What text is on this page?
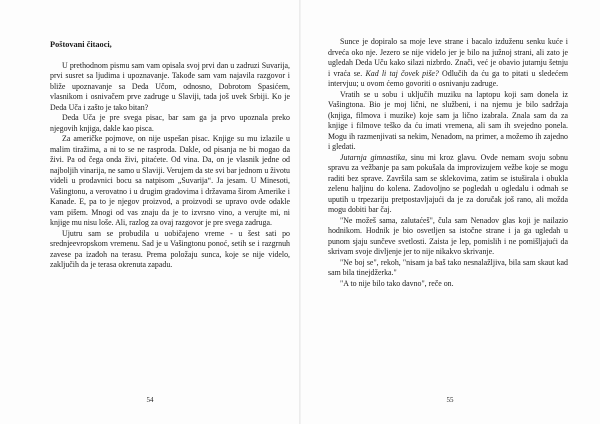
Poštovani čitaoci,

U prethodnom pismu sam vam opisala svoj prvi dan u zadruzi Suvarija, prvi susret sa ljudima i upoznavanje. Takođe sam vam najavila razgovor i bliže upoznavanje sa Deda Učom, odnosno, Dobrotom Spasićem, vlasnikom i osnivačem prve zadruge u Slaviji, tada još uvek Srbiji. Ko je Deda Uča i zašto je tako bitan?

Deda Uča je pre svega pisac, bar sam ga ja prvo upoznala preko njegovih knjiga, dakle kao pisca.

Za američke pojmove, on nije uspešan pisac. Knjige su mu izlazile u malim tiražima, a ni to se ne rasproda. Dakle, od pisanja ne bi mogao da živi. Pa od čega onda živi, pitaćete. Od vina. Da, on je vlasnik jedne od najboljih vinarija, ne samo u Slaviji. Verujem da ste svi bar jednom u životu videli u prodavnici bocu sa natpisom „Suvarija“. Ja jesam. U Minesoti, Vašingtonu, a verovatno i u drugim gradovima i državama širom Amerike i Kanade. E, pa to je njegov proizvod, a proizvodi se upravo ovde odakle vam pišem. Mnogi od vas znaju da je to izvrsno vino, a verujte mi, ni knjige mu nisu loše. Ali, razlog za ovaj razgovor je pre svega zadruga.

Ujutru sam se probudila u uobičajeno vreme - u šest sati po srednjeevropskom vremenu. Sad je u Vašingtonu ponoć, setih se i razgrnuh zavese pa izađoh na terasu. Prema položaju sunca, koje se nije videlo, zaključih da je terasa okrenuta zapadu.

54

Sunce je dopiralo sa moje leve strane i bacalo izduženu senku kuće i drveća oko nje. Jezero se nije videlo jer je bilo na južnoj strani, ali zato je ugledah Deda Uču kako silazi nizbrdo. Znači, već je obavio jutarnju šetnju i vraća se. Kad li taj čovek piše? Odlučih da ću ga to pitati u sledećem intervjuu; u ovom ćemo govoriti o osnivanju zadruge.

Vratih se u sobu i uključih muziku na laptopu koji sam donela iz Vašingtona. Bio je moj lični, ne službeni, i na njemu je bilo sadržaja (knjiga, filmova i muzike) koje sam ja lično izabrala. Znala sam da za knjige i filmove teško da ću imati vremena, ali sam ih svejedno ponela. Mogu ih razmenjivati sa nekim, Nenadom, na primer, a možemo ih zajedno i gledati.

Jutarnja gimnastika, sinu mi kroz glavu. Ovde nemam svoju sobnu spravu za vežbanje pa sam pokušala da improvizujem vežbe koje se mogu raditi bez sprave. Završila sam se sklekovima, zatim se istuširala i obukla zelenu haljinu do kolena. Zadovoljno se pogledah u ogledalu i odmah se uputih u trpezariju pretpostavljajući da je za doručak još rano, ali možda mogu dobiti bar čaj.

"Ne možeš sama, zalutaćeš", čula sam Nenadov glas koji je nailazio hodnikom. Hodnik je bio osvetljen sa istočne strane i ja ga ugledah u punom sjaju sunčeve svetlosti. Zaista je lep, pomislih i ne pomišljajući da skrivam svoje divljenje jer to nije nikakvo skrivanje.

"Ne boj se", rekoh, "nisam ja baš tako nesnalažljiva, bila sam skaut kad sam bila tinejdžerka."

"A to nije bilo tako davno", reče on.

55
